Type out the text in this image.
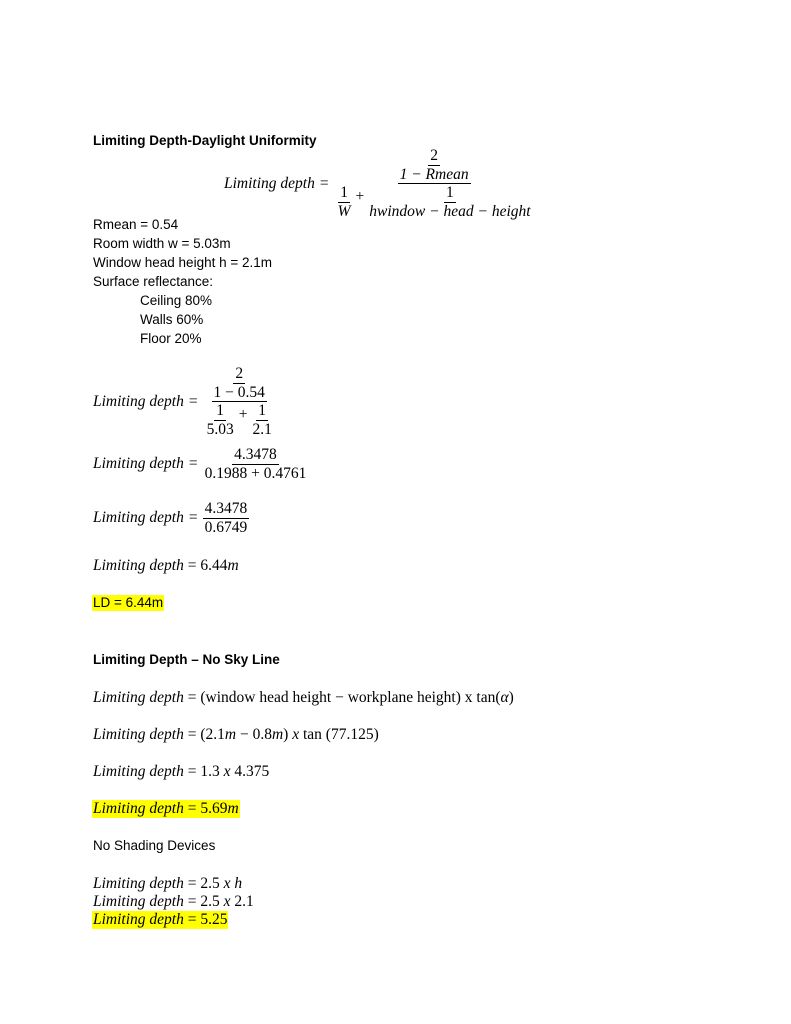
Limiting Depth-Daylight Uniformity
Limiting depth =
$\frac{2}{\text{1 − Rmean}}$
$\frac{1}{W} + \frac{1}{\text{hwindow − head − height}}$
Rmean = 0.54
Room width w = 5.03m
Window head height h = 2.1m
Surface reflectance:
Ceiling 80%
Walls 60%
Floor 20%
Limiting depth = $\frac{\frac{2}{1 - 0.54}}{\frac{1}{5.03} + \frac{1}{2.1}}$
Limiting depth = $\frac{4.3478}{0.1988 + 0.4761}$
Limiting depth = $\frac{4.3478}{0.6749}$
Limiting depth = 6.44m
LD = 6.44m
Limiting Depth – No Sky Line
Limiting depth = (window head height − workplane height) x tan(α)
Limiting depth = (2.1m − 0.8m) x tan (77.125)
Limiting depth = 1.3 x 4.375
Limiting depth = 5.69m
No Shading Devices
Limiting depth = 2.5 x h
Limiting depth = 2.5 x 2.1
Limiting depth = 5.25
